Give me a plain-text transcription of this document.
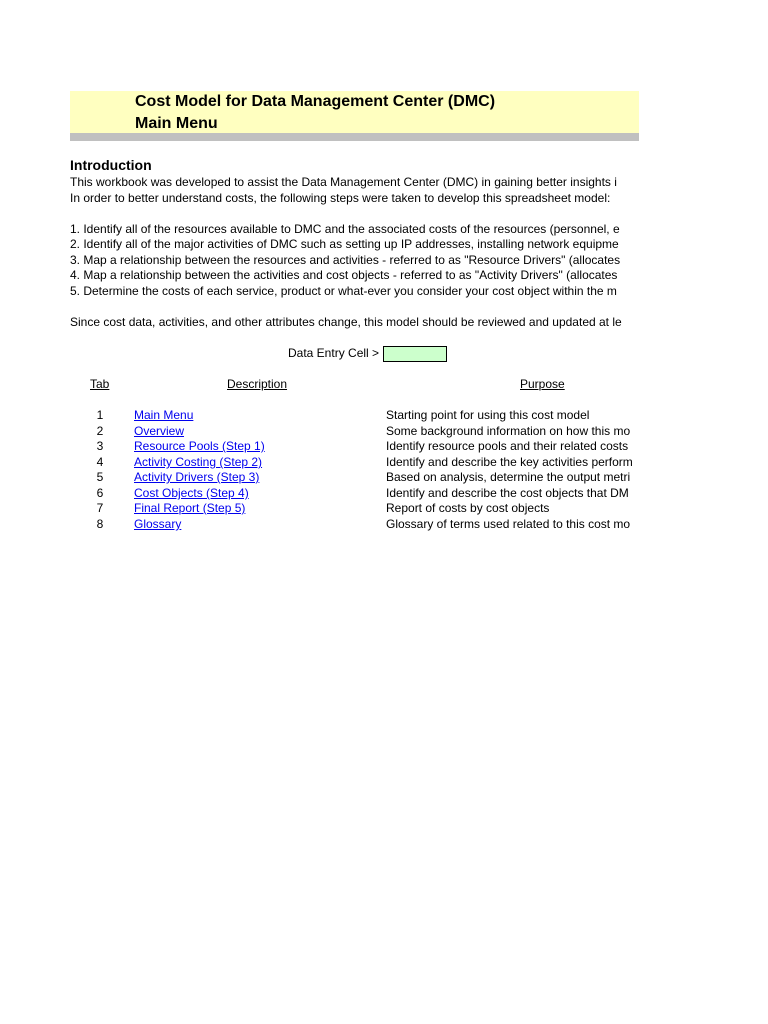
Cost Model for Data Management Center (DMC)
Main Menu
Introduction
This workbook was developed to assist the Data Management Center (DMC) in gaining better insights i
In order to better understand costs, the following steps were taken to develop this spreadsheet model:
1. Identify all of the resources available to DMC and the associated costs of the resources (personnel, e
2. Identify all of the major activities of DMC such as setting up IP addresses, installing network equipme
3. Map a relationship between the resources and activities - referred to as "Resource Drivers" (allocates
4. Map a relationship between the activities and cost objects - referred to as "Activity Drivers" (allocates
5. Determine the costs of each service, product or what-ever you consider your cost object within the m
Since cost data, activities, and other attributes change, this model should be reviewed and updated at le
Data Entry Cell >
Tab	Description	Purpose
1	Main Menu	Starting point for using this cost model
2	Overview	Some background information on how this mo
3	Resource Pools (Step 1)	Identify resource pools and their related costs
4	Activity Costing (Step 2)	Identify and describe the key activities perform
5	Activity Drivers (Step 3)	Based on analysis, determine the output metri
6	Cost Objects (Step 4)	Identify and describe the cost objects that DM
7	Final Report (Step 5)	Report of costs by cost objects
8	Glossary	Glossary of terms used related to this cost mo
